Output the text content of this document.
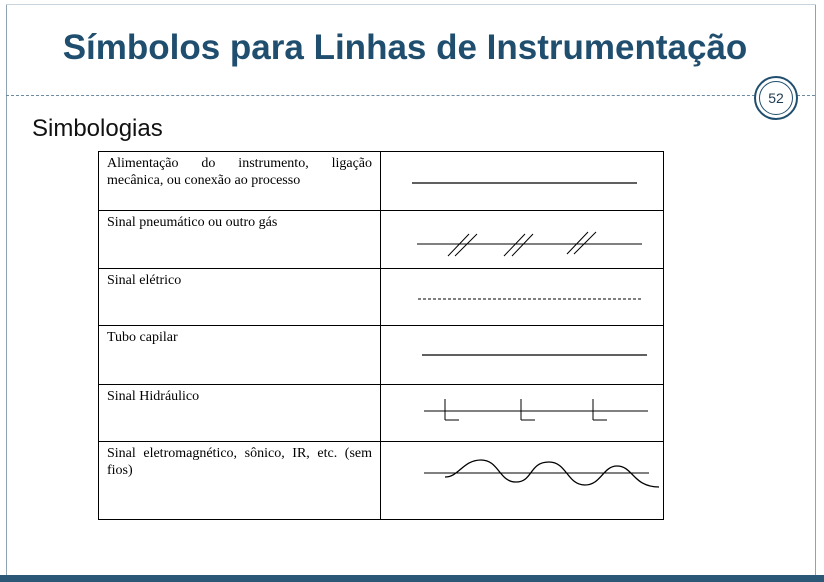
Símbolos para Linhas de Instrumentação
52
Simbologias
Alimentação do instrumento, ligação mecânica, ou conexão ao processo	

Sinal pneumático ou outro gás	

Sinal elétrico	

Tubo capilar	

Sinal Hidráulico	

Sinal eletromagnético, sônico, IR, etc. (sem fios)	
